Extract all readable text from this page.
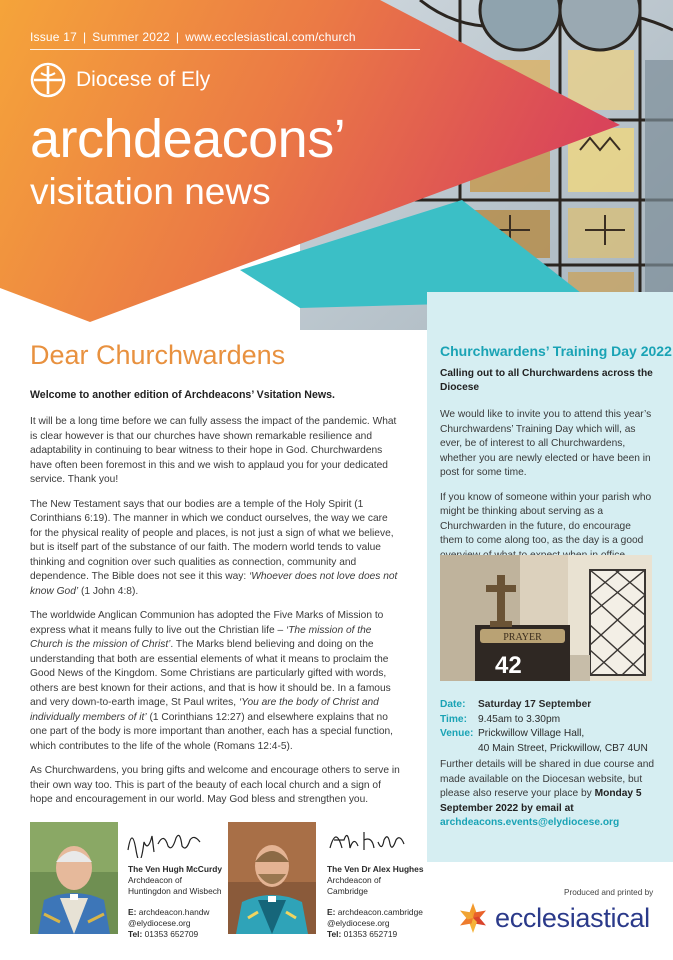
Issue 17 | Summer 2022 | www.ecclesiastical.com/church
Diocese of Ely
archdeacons’
visitation news
Dear Churchwardens

Welcome to another edition of Archdeacons’ Vsitation News.

It will be a long time before we can fully assess the impact of the pandemic. What is clear however is that our churches have shown remarkable resilience and adaptability in continuing to bear witness to their hope in God. Churchwardens have often been foremost in this and we wish to applaud you for your dedicated service. Thank you!

The New Testament says that our bodies are a temple of the Holy Spirit (1 Corinthians 6:19). The manner in which we conduct ourselves, the way we care for the physical reality of people and places, is not just a sign of what we believe, but is itself part of the substance of our faith. The modern world tends to value thinking and cognition over such qualities as connection, community and dependence. The Bible does not see it this way: ‘Whoever does not love does not know God’ (1 John 4:8).

The worldwide Anglican Communion has adopted the Five Marks of Mission to express what it means fully to live out the Christian life – ‘The mission of the Church is the mission of Christ’. The Marks blend believing and doing on the understanding that both are essential elements of what it means to proclaim the Good News of the Kingdom. Some Christians are particularly gifted with words, others are best known for their actions, and that is how it should be. In a famous and very down-to-earth image, St Paul writes, ‘You are the body of Christ and individually members of it’ (1 Corinthians 12:27) and elsewhere explains that no one part of the body is more important than another, each has a special function, which contributes to the life of the whole (Romans 12:4-5).

As Churchwardens, you bring gifts and welcome and encourage others to serve in their own way too. This is part of the beauty of each local church and a sign of hope and encouragement in our world. May God bless and strengthen you.

Churchwardens’ Training Day 2022

Calling out to all Churchwardens across the Diocese

We would like to invite you to attend this year’s Churchwardens’ Training Day which will, as ever, be of interest to all Churchwardens, whether you are newly elected or have been in post for some time.

If you know of someone within your parish who might be thinking about serving as a Churchwarden in the future, do encourage them to come along too, as the day is a good

PRAYER
42
Date:	Saturday 17 September
Time:	9.45am to 3.30pm
Venue: Prickwillow Village Hall,
40 Main Street, Prickwillow, CB7 4UN
Further details will be shared in due course and made available on the Diocesan website, but please also reserve your place by Monday 5 September 2022 by email at archdeacons.events@elydiocese.org
The Ven Hugh McCurdy
Archdeacon of
Huntingdon and Wisbech
E: archdeacon.handw
@elydiocese.org
Tel: 01353 652709
The Ven Dr Alex Hughes
Archdeacon of
Cambridge
E: archdeacon.cambridge
@elydiocese.org
Tel: 01353 652719
Produced and printed by
ecclesiastical
